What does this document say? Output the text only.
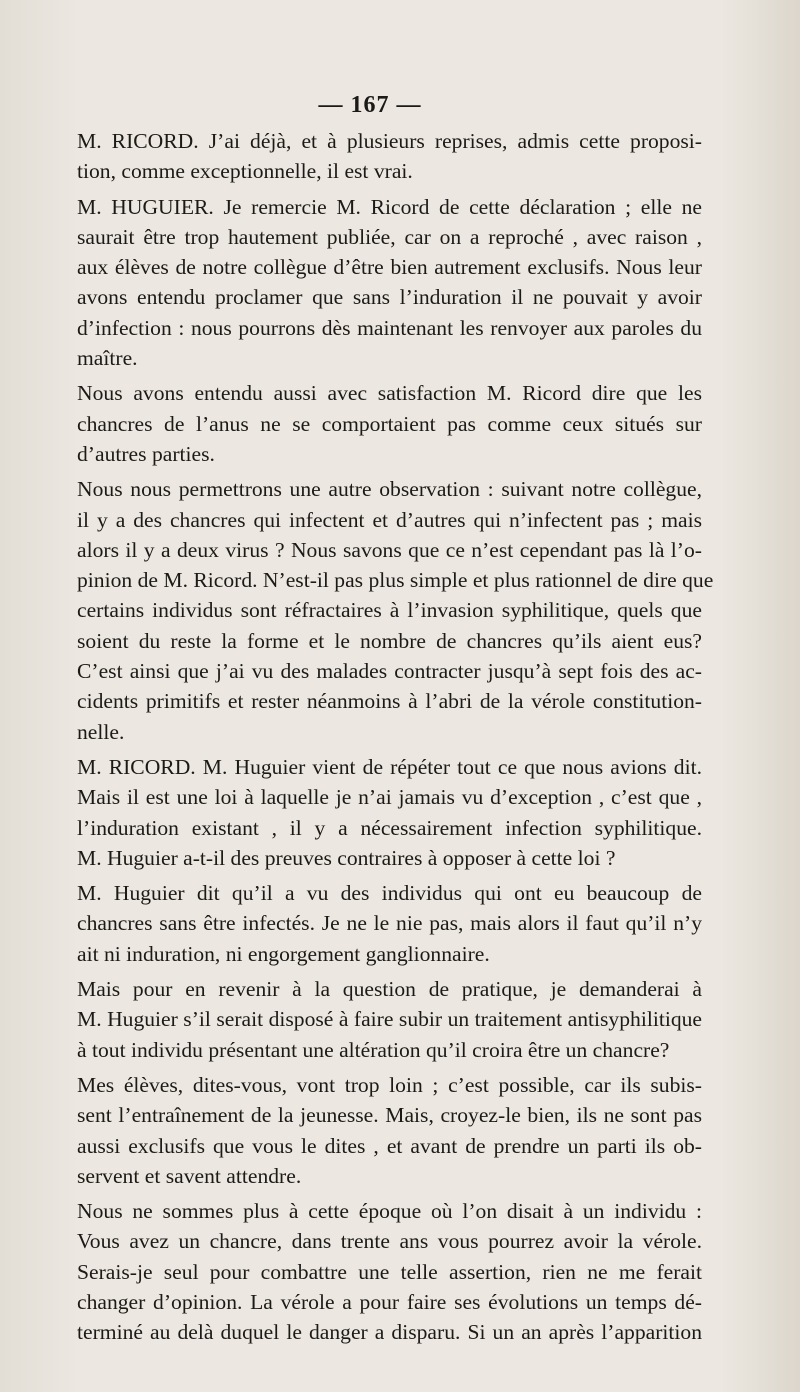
— 167 —
M. RICORD. J’ai déjà, et à plusieurs reprises, admis cette proposi-
tion, comme exceptionnelle, il est vrai.
M. HUGUIER. Je remercie M. Ricord de cette déclaration ; elle ne
saurait être trop hautement publiée, car on a reproché , avec raison ,
aux élèves de notre collègue d’être bien autrement exclusifs. Nous leur
avons entendu proclamer que sans l’induration il ne pouvait y avoir
d’infection : nous pourrons dès maintenant les renvoyer aux paroles du
maître.
Nous avons entendu aussi avec satisfaction M. Ricord dire que les
chancres de l’anus ne se comportaient pas comme ceux situés sur
d’autres parties.
Nous nous permettrons une autre observation : suivant notre collègue,
il y a des chancres qui infectent et d’autres qui n’infectent pas ; mais
alors il y a deux virus ? Nous savons que ce n’est cependant pas là l’o-
pinion de M. Ricord. N’est-il pas plus simple et plus rationnel de dire que
certains individus sont réfractaires à l’invasion syphilitique, quels que
soient du reste la forme et le nombre de chancres qu’ils aient eus?
C’est ainsi que j’ai vu des malades contracter jusqu’à sept fois des ac-
cidents primitifs et rester néanmoins à l’abri de la vérole constitution-
nelle.
M. RICORD. M. Huguier vient de répéter tout ce que nous avions dit.
Mais il est une loi à laquelle je n’ai jamais vu d’exception , c’est que ,
l’induration existant , il y a nécessairement infection syphilitique.
M. Huguier a-t-il des preuves contraires à opposer à cette loi ?
M. Huguier dit qu’il a vu des individus qui ont eu beaucoup de
chancres sans être infectés. Je ne le nie pas, mais alors il faut qu’il n’y
ait ni induration, ni engorgement ganglionnaire.
Mais pour en revenir à la question de pratique, je demanderai à
M. Huguier s’il serait disposé à faire subir un traitement antisyphilitique
à tout individu présentant une altération qu’il croira être un chancre?
Mes élèves, dites-vous, vont trop loin ; c’est possible, car ils subis-
sent l’entraînement de la jeunesse. Mais, croyez-le bien, ils ne sont pas
aussi exclusifs que vous le dites , et avant de prendre un parti ils ob-
servent et savent attendre.
Nous ne sommes plus à cette époque où l’on disait à un individu :
Vous avez un chancre, dans trente ans vous pourrez avoir la vérole.
Serais-je seul pour combattre une telle assertion, rien ne me ferait
changer d’opinion. La vérole a pour faire ses évolutions un temps dé-
terminé au delà duquel le danger a disparu. Si un an après l’apparition
